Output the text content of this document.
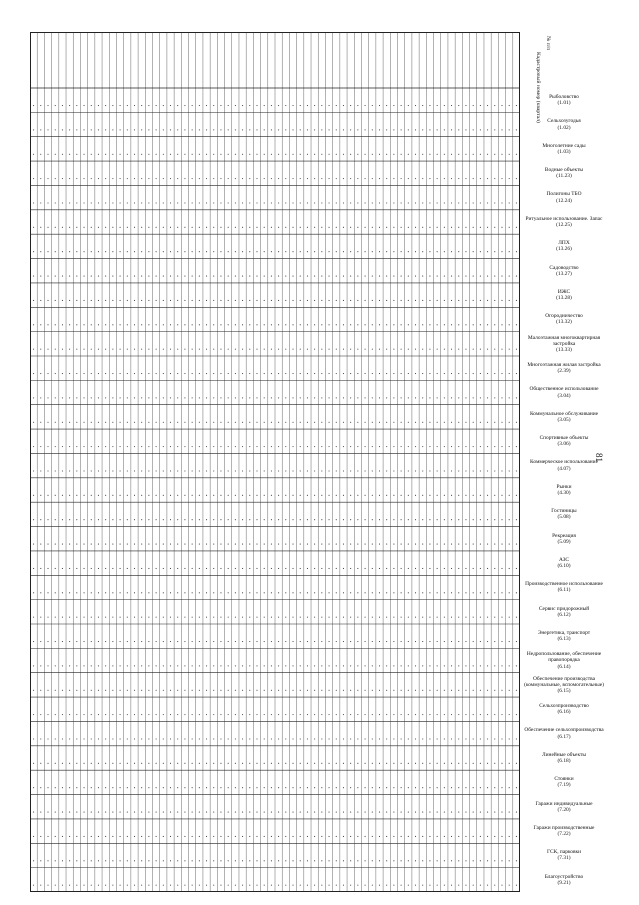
81
№ п/п
Кадастровый номер (квартал) Рыболовство
(1.01)
Сельхозугодья
(1.02)
Многолетние сады
(1.03)
Водные объекты
(11.23)
Полигоны ТБО
(12.24)
Ритуальное использование. Запас
(12.25)
ЛПХ
(13.26)
Садоводство
(13.27)
ИЖС
(13.28)
Огородничество
(13.32)
Малоэтажная многоквартирная застройка
(13.33)
Многоэтажная жилая застройка
(2.39)
Общественное использование
(3.04)
Коммунальное обслуживание
(3.05)
Спортивные объекты
(3.06)
Коммерческое использование
(4.07)
Рынки
(4.30)
Гостиницы
(5.08)
Рекреация
(5.09)
АЗС
(6.10)
Производственное использование
(6.11)
Сервис придорожный
(6.12)
Энергетика, транспорт
(6.13)
Недропользование, обеспечение правопорядка
(6.14)
Обеспечение производства (коммунальные, вспомогательные)
(6.15)
Сельхозпроизводство
(6.16)
Обеспечение сельхозпроизводства
(6.17)
Линейные объекты
(6.18)
Стоянки
(7.19)
Гаражи индивидуальные
(7.20)
Гаражи производственные
(7.22)
ГСК, парковки
(7.31)
Благоустройство
(9.21)
